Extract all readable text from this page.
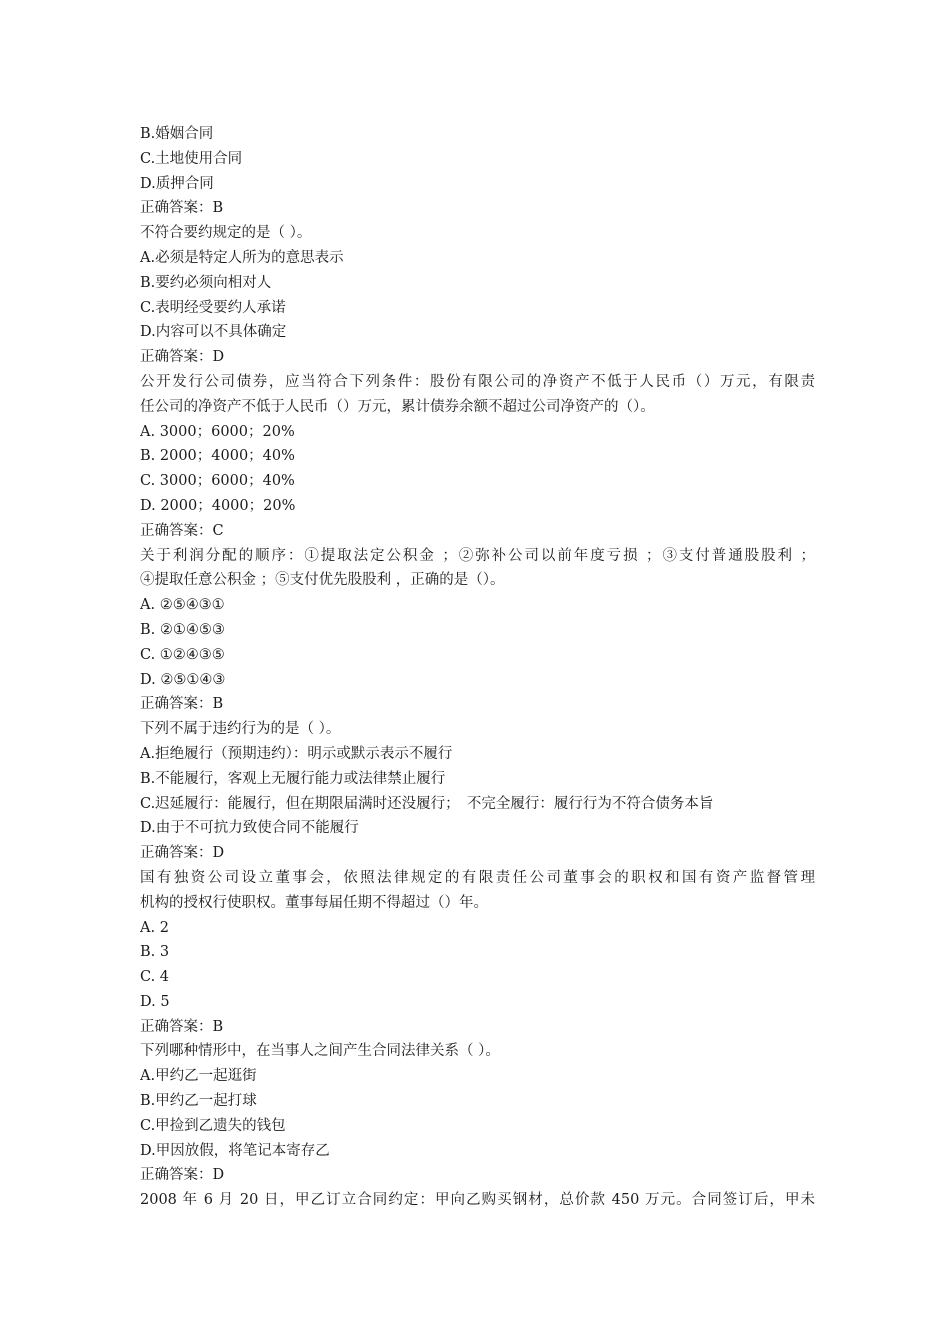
B.婚姻合同
C.土地使用合同
D.质押合同
正确答案：B
不符合要约规定的是（ ）。
A.必须是特定人所为的意思表示
B.要约必须向相对人
C.表明经受要约人承诺
D.内容可以不具体确定
正确答案：D
公开发行公司债券，应当符合下列条件：股份有限公司的净资产不低于人民币（）万元，有限责
任公司的净资产不低于人民币（）万元，累计债券余额不超过公司净资产的（）。
A. 3000；6000；20%
B. 2000；4000；40%
C. 3000；6000；40%
D. 2000；4000；20%
正确答案：C
关于利润分配的顺序：①提取法定公积金 ；②弥补公司以前年度亏损 ；③支付普通股股利 ；
④提取任意公积金 ；⑤支付优先股股利 ，正确的是（）。
A. ②⑤④③①
B. ②①④⑤③
C. ①②④③⑤
D. ②⑤①④③
正确答案：B
下列不属于违约行为的是（ ）。
A.拒绝履行（预期违约）：明示或默示表示不履行
B.不能履行，客观上无履行能力或法律禁止履行
C.迟延履行：能履行，但在期限届满时还没履行；　不完全履行：履行行为不符合债务本旨
D.由于不可抗力致使合同不能履行
正确答案：D
国有独资公司设立董事会，依照法律规定的有限责任公司董事会的职权和国有资产监督管理
机构的授权行使职权。董事每届任期不得超过（）年。
A. 2
B. 3
C. 4
D. 5
正确答案：B
下列哪种情形中，在当事人之间产生合同法律关系（ ）。
A.甲约乙一起逛街
B.甲约乙一起打球
C.甲捡到乙遗失的钱包
D.甲因放假，将笔记本寄存乙
正确答案：D
2008 年 6 月 20 日，甲乙订立合同约定：甲向乙购买钢材，总价款 450 万元。合同签订后，甲未
